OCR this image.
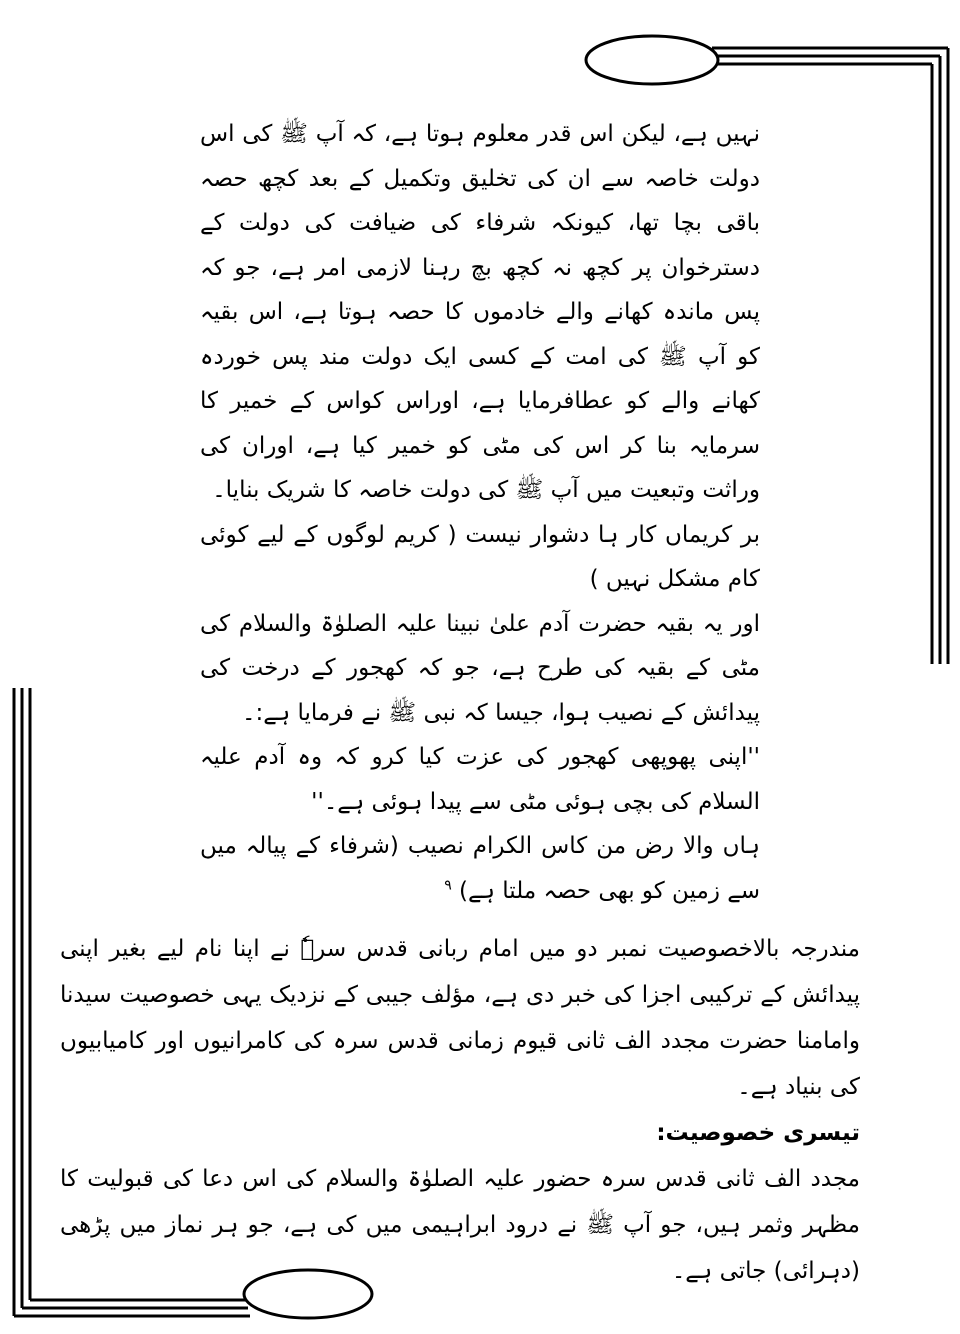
نہیں ہے، لیکن اس قدر معلوم ہوتا ہے، کہ آپ ﷺ کی اس دولت خاصہ سے ان کی تخلیق وتکمیل کے بعد کچھ حصہ باقی بچا تھا، کیونکہ شرفاء کی ضیافت کی دولت کے دسترخوان پر کچھ نہ کچھ بچ رہنا لازمی امر ہے، جو کہ پس ماندہ کھانے والے خادموں کا حصہ ہوتا ہے، اس بقیہ کو آپ ﷺ کی امت کے کسی ایک دولت مند پس خوردہ کھانے والے کو عطافرمایا ہے، اوراس کواس کے خمیر کا سرمایہ بنا کر اس کی مٹی کو خمیر کیا ہے، اوران کی وراثت وتبعیت میں آپ ﷺ کی دولت خاصہ کا شریک بنایا۔

بر کریماں کار ہا دشوار نیست ( کریم لوگوں کے لیے کوئی کام مشکل نہیں )

اور یہ بقیہ حضرت آدم علیٰ نبینا علیہ الصلوٰۃ والسلام کی مٹی کے بقیہ کی طرح ہے، جو کہ کھجور کے درخت کی پیدائش کے نصیب ہوا، جیسا کہ نبی ﷺ نے فرمایا ہے:۔

''اپنی پھوپھی کھجور کی عزت کیا کرو کہ وہ آدم علیہ السلام کی بچی ہوئی مٹی سے پیدا ہوئی ہے۔''

ہاں والا رض من کاس الکرام نصیب (شرفاء کے پیالہ میں سے زمین کو بھی حصہ ملتا ہے) $^۹$

مندرجہ بالاخصوصیت نمبر دو میں امام ربانی قدس سرہٗ نے اپنا نام لیے بغیر اپنی پیدائش کے ترکیبی اجزا کی خبر دی ہے، مؤلف جیبی کے نزدیک یہی خصوصیت سیدنا وامامنا حضرت مجدد الف ثانی قیوم زمانی قدس سرہ کی کامرانیوں اور کامیابیوں کی بنیاد ہے۔

تیسری خصوصیت:

مجدد الف ثانی قدس سرہ حضور علیہ الصلوٰۃ والسلام کی اس دعا کی قبولیت کا مظہر وثمر ہیں، جو آپ ﷺ نے درود ابراہیمی میں کی ہے، جو ہر نماز میں پڑھی (دہرائی) جاتی ہے۔
